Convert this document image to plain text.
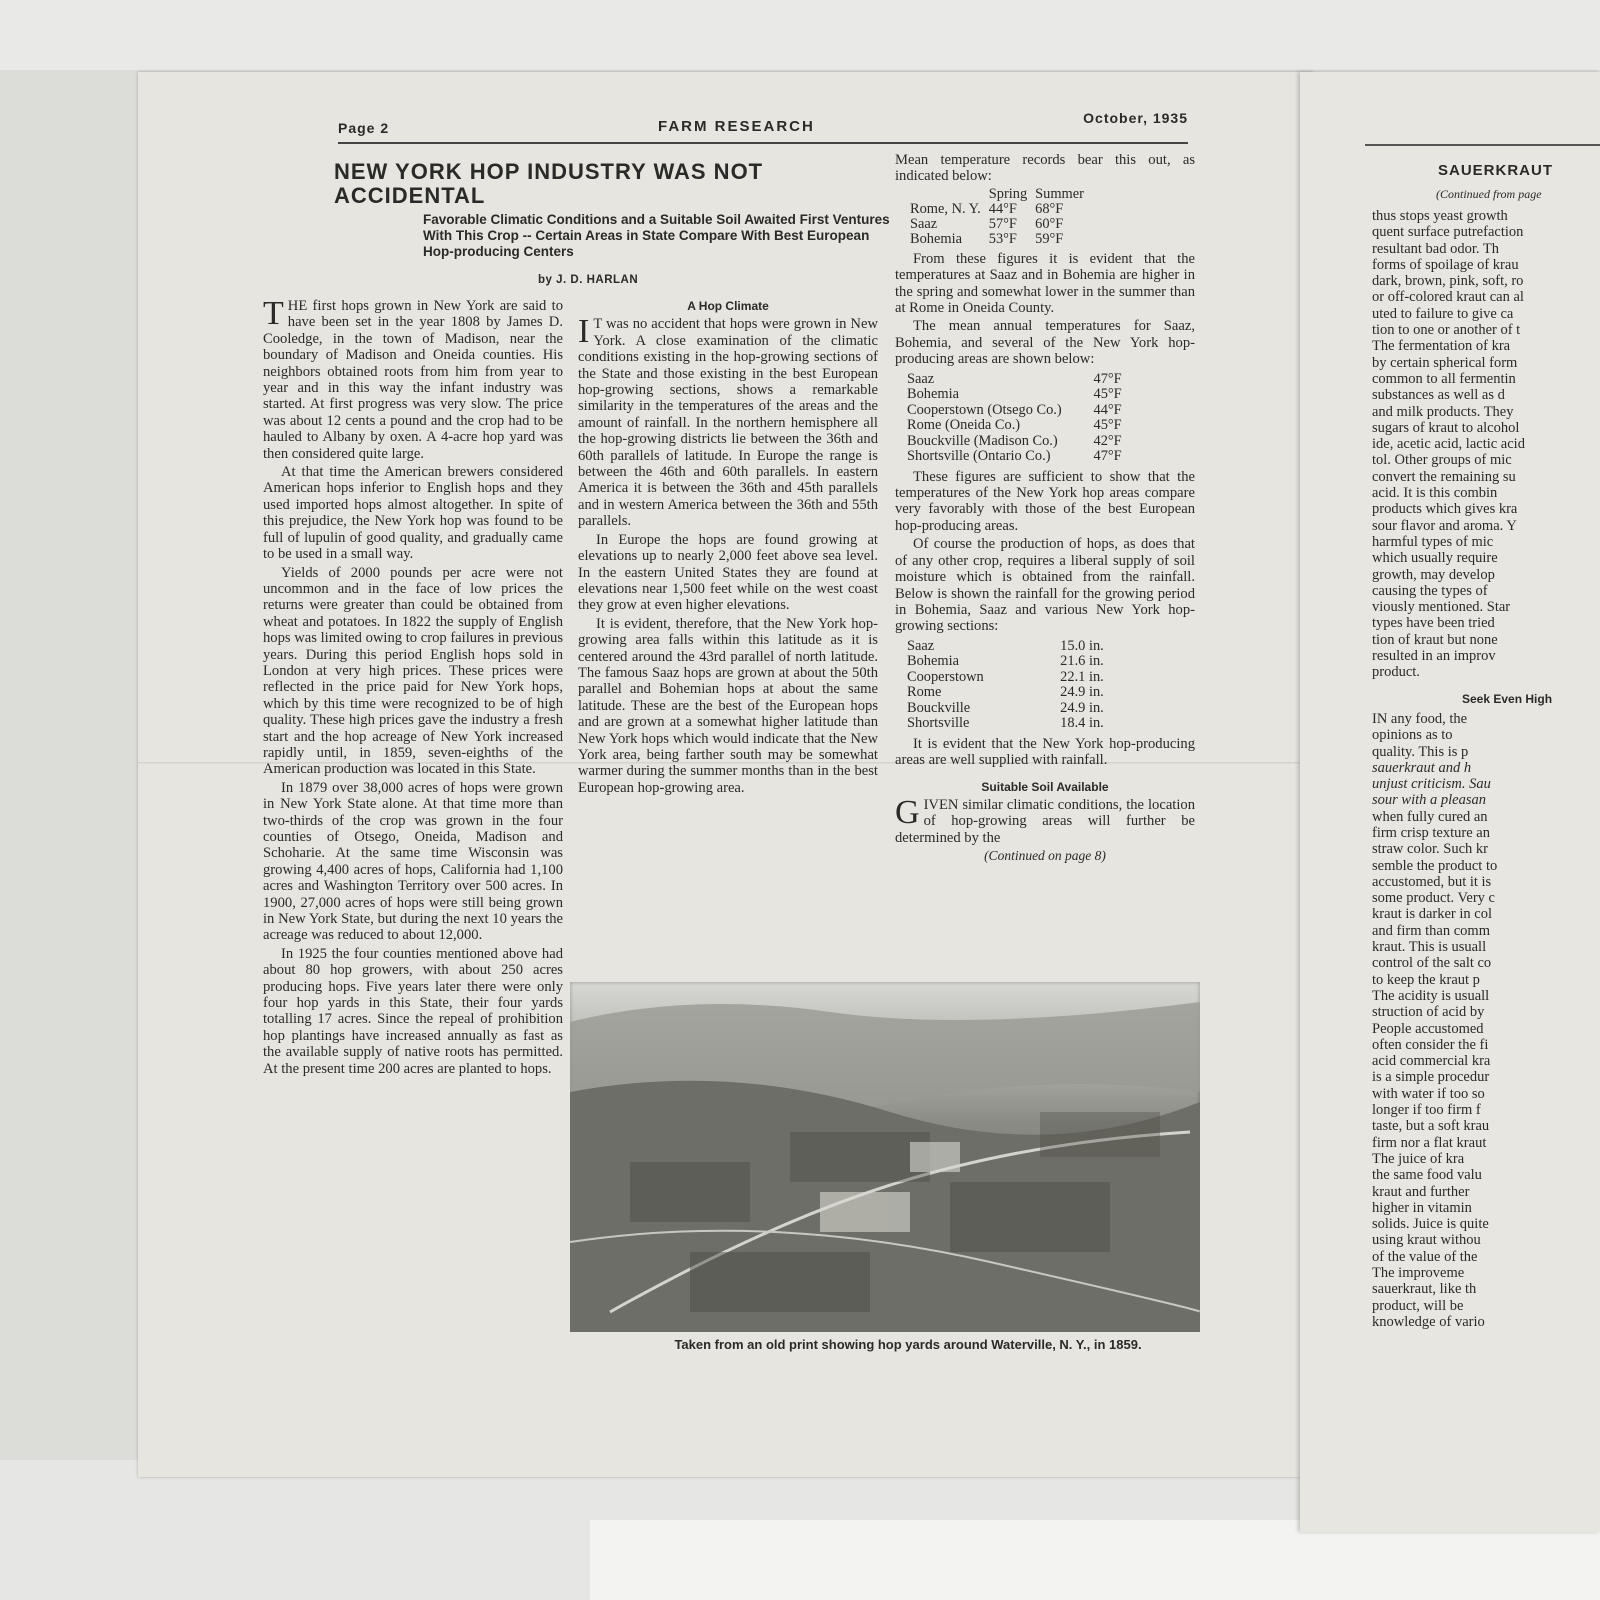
Page 2	FARM RESEARCH	October, 1935
NEW YORK HOP INDUSTRY WAS NOT ACCIDENTAL
Favorable Climatic Conditions and a Suitable Soil Awaited First Ventures With This Crop -- Certain Areas in State Compare With Best European Hop-producing Centers
by J. D. HARLAN

THE first hops grown in New York are said to have been set in the year 1808 by James D. Cooledge, in the town of Madison, near the boundary of Madison and Oneida counties. His neighbors obtained roots from him from year to year and in this way the infant industry was started. At first progress was very slow. The price was about 12 cents a pound and the crop had to be hauled to Albany by oxen. A 4-acre hop yard was then considered quite large.

At that time the American brewers considered American hops inferior to English hops and they used imported hops almost altogether. In spite of this prejudice, the New York hop was found to be full of lupulin of good quality, and gradually came to be used in a small way.

Yields of 2000 pounds per acre were not uncommon and in the face of low prices the returns were greater than could be obtained from wheat and potatoes. In 1822 the supply of English hops was limited owing to crop failures in previous years. During this period English hops sold in London at very high prices. These prices were reflected in the price paid for New York hops, which by this time were recognized to be of high quality. These high prices gave the industry a fresh start and the hop acreage of New York increased rapidly until, in 1859, seven-eighths of the American production was located in this State.

In 1879 over 38,000 acres of hops were grown in New York State alone. At that time more than two-thirds of the crop was grown in the four counties of Otsego, Oneida, Madison and Schoharie. At the same time Wisconsin was growing 4,400 acres of hops, California had 1,100 acres and Washington Territory over 500 acres. In 1900, 27,000 acres of hops were still being grown in New York State, but during the next 10 years the acreage was reduced to about 12,000.

In 1925 the four counties mentioned above had about 80 hop growers, with about 250 acres producing hops. Five years later there were only four hop yards in this State, their four yards totalling 17 acres. Since the repeal of prohibition hop plantings have increased annually as fast as the available supply of native roots has permitted. At the present time 200 acres are planted to hops.

A Hop Climate

I T was no accident that hops were grown in New York. A close examination of the climatic conditions existing in the hop-growing sections of the State and those existing in the best European hop-growing sections, shows a remarkable similarity in the temperatures of the areas and the amount of rainfall. In the northern hemisphere all the hop-growing districts lie between the 36th and 60th parallels of latitude. In Europe the range is between the 46th and 60th parallels. In eastern America it is between the 36th and 45th parallels and in western America between the 36th and 55th parallels.

In Europe the hops are found growing at elevations up to nearly 2,000 feet above sea level. In the eastern United States they are found at elevations near 1,500 feet while on the west coast they grow at even higher elevations.

It is evident, therefore, that the New York hop-growing area falls within this latitude as it is centered around the 43rd parallel of north latitude. The famous Saaz hops are grown at about the 50th parallel and Bohemian hops at about the same latitude. These are the best of the European hops and are grown at a somewhat higher latitude than New York hops which would indicate that the New York area, being farther south may be somewhat warmer during the summer months than in the best European hop-growing area.

Mean temperature records bear this out, as indicated below:

	Spring	Summer
Rome, N. Y.	44°F	68°F
Saaz	57°F	60°F
Bohemia	53°F	59°F

From these figures it is evident that the temperatures at Saaz and in Bohemia are higher in the spring and somewhat lower in the summer than at Rome in Oneida County.

The mean annual temperatures for Saaz, Bohemia, and several of the New York hop-producing areas are shown below:

Saaz	47°F
Bohemia	45°F
Cooperstown (Otsego Co.)	44°F
Rome (Oneida Co.)	45°F
Bouckville (Madison Co.)	42°F
Shortsville (Ontario Co.)	47°F

These figures are sufficient to show that the temperatures of the New York hop areas compare very favorably with those of the best European hop-producing areas.

Of course the production of hops, as does that of any other crop, requires a liberal supply of soil moisture which is obtained from the rainfall. Below is shown the rainfall for the growing period in Bohemia, Saaz and various New York hop-growing sections:

Saaz	15.0 in.
Bohemia	21.6 in.
Cooperstown	22.1 in.
Rome	24.9 in.
Bouckville	24.9 in.
Shortsville	18.4 in.

It is evident that the New York hop-producing areas are well supplied with rainfall.

Suitable Soil Available

GIVEN similar climatic conditions, the location of hop-growing areas will further be determined by the

(Continued on page 8)

Taken from an old print showing hop yards around Waterville, N. Y., in 1859.
SAUERKRAUT
(Continued from page
thus stops yeast growth
quent surface putrefaction
resultant bad odor. Th
forms of spoilage of krau
dark, brown, pink, soft, ro
or off-colored kraut can al
uted to failure to give ca
tion to one or another of t
The fermentation of kra
by certain spherical form
common to all fermentin
substances as well as d
and milk products. They
sugars of kraut to alcohol
ide, acetic acid, lactic acid
tol. Other groups of mic
convert the remaining su
acid. It is this combin
products which gives kra
sour flavor and aroma. Y
harmful types of mic
which usually require
growth, may develop
causing the types of
viously mentioned. Star
types have been tried
tion of kraut but none
resulted in an improv
product.
Seek Even High
IN any food, the
opinions as to
quality. This is p
sauerkraut and h
unjust criticism. Sau
sour with a pleasan
when fully cured an
firm crisp texture an
straw color. Such kr
semble the product to
accustomed, but it is
some product. Very c
kraut is darker in col
and firm than comm
kraut. This is usuall
control of the salt co
to keep the kraut p
The acidity is usuall
struction of acid by
People accustomed
often consider the fi
acid commercial kra
is a simple procedur
with water if too so
longer if too firm f
taste, but a soft krau
firm nor a flat kraut
The juice of kra
the same food valu
kraut and further
higher in vitamin
solids. Juice is quite
using kraut withou
of the value of the
The improveme
sauerkraut, like th
product, will be
knowledge of vario
